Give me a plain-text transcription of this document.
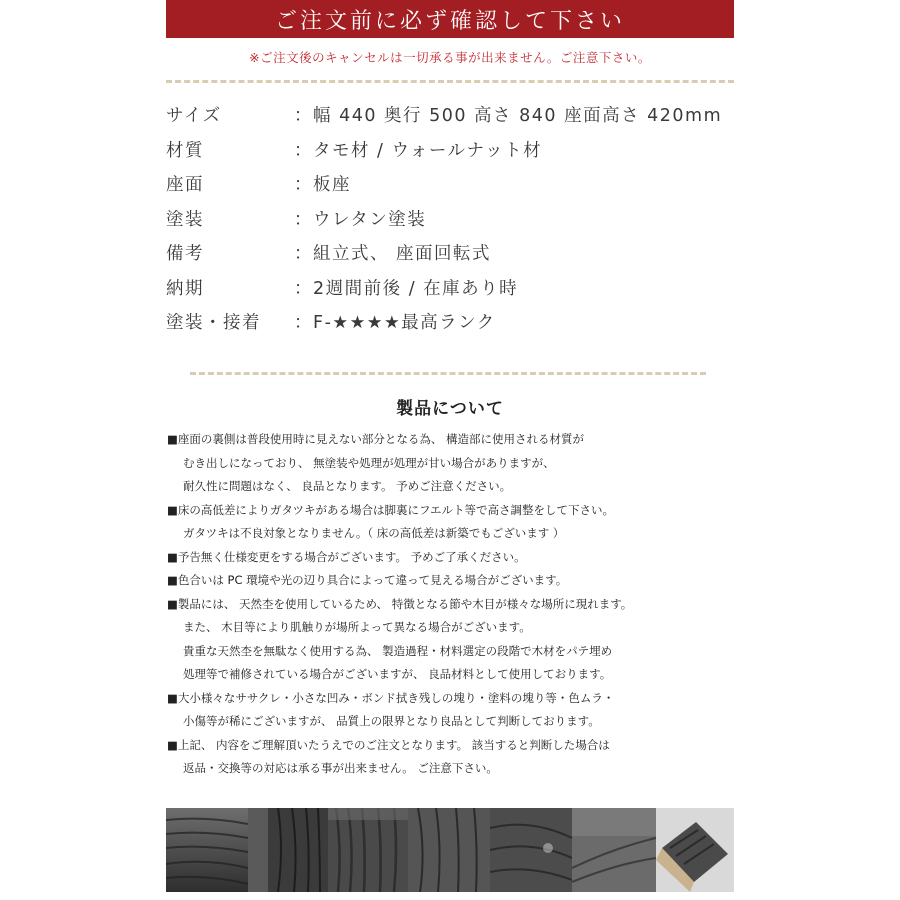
ご注文前に必ず確認して下さい
※ご注文後のキャンセルは一切承る事が出来ません。ご注意下さい。
サイズ	：幅 440 奥行 500 高さ 840 座面高さ 420mm
材質	：タモ材 / ウォールナット材
座面	：板座
塗装	：ウレタン塗装
備考	：組立式、 座面回転式
納期	：2週間前後 / 在庫あり時
塗装・接着 ：F-★★★★最高ランク
製品について
■座面の裏側は普段使用時に見えない部分となる為、 構造部に使用される材質が
むき出しになっており、 無塗装や処理が処理が甘い場合がありますが、
耐久性に問題はなく、 良品となります。 予めご注意ください。
■床の高低差によりガタツキがある場合は脚裏にフエルト等で高さ調整をして下さい。
ガタツキは不良対象となりません。（ 床の高低差は新築でもございます ）
■予告無く仕様変更をする場合がございます。 予めご了承ください。
■色合いは PC 環境や光の辺り具合によって違って見える場合がございます。
■製品には、 天然杢を使用しているため、 特徴となる節や木目が様々な場所に現れます。
また、 木目等により肌触りが場所よって異なる場合がございます。
貴重な天然杢を無駄なく使用する為、 製造過程・材料選定の段階で木材をパテ埋め
処理等で補修されている場合がございますが、 良品材料として使用しております。
■大小様々なササクレ・小さな凹み・ボンド拭き残しの塊り・塗料の塊り等・色ムラ・
小傷等が稀にございますが、 品質上の限界となり良品として判断しております。
■上記、 内容をご理解頂いたうえでのご注文となります。 該当すると判断した場合は
返品・交換等の対応は承る事が出来ません。 ご注意下さい。
